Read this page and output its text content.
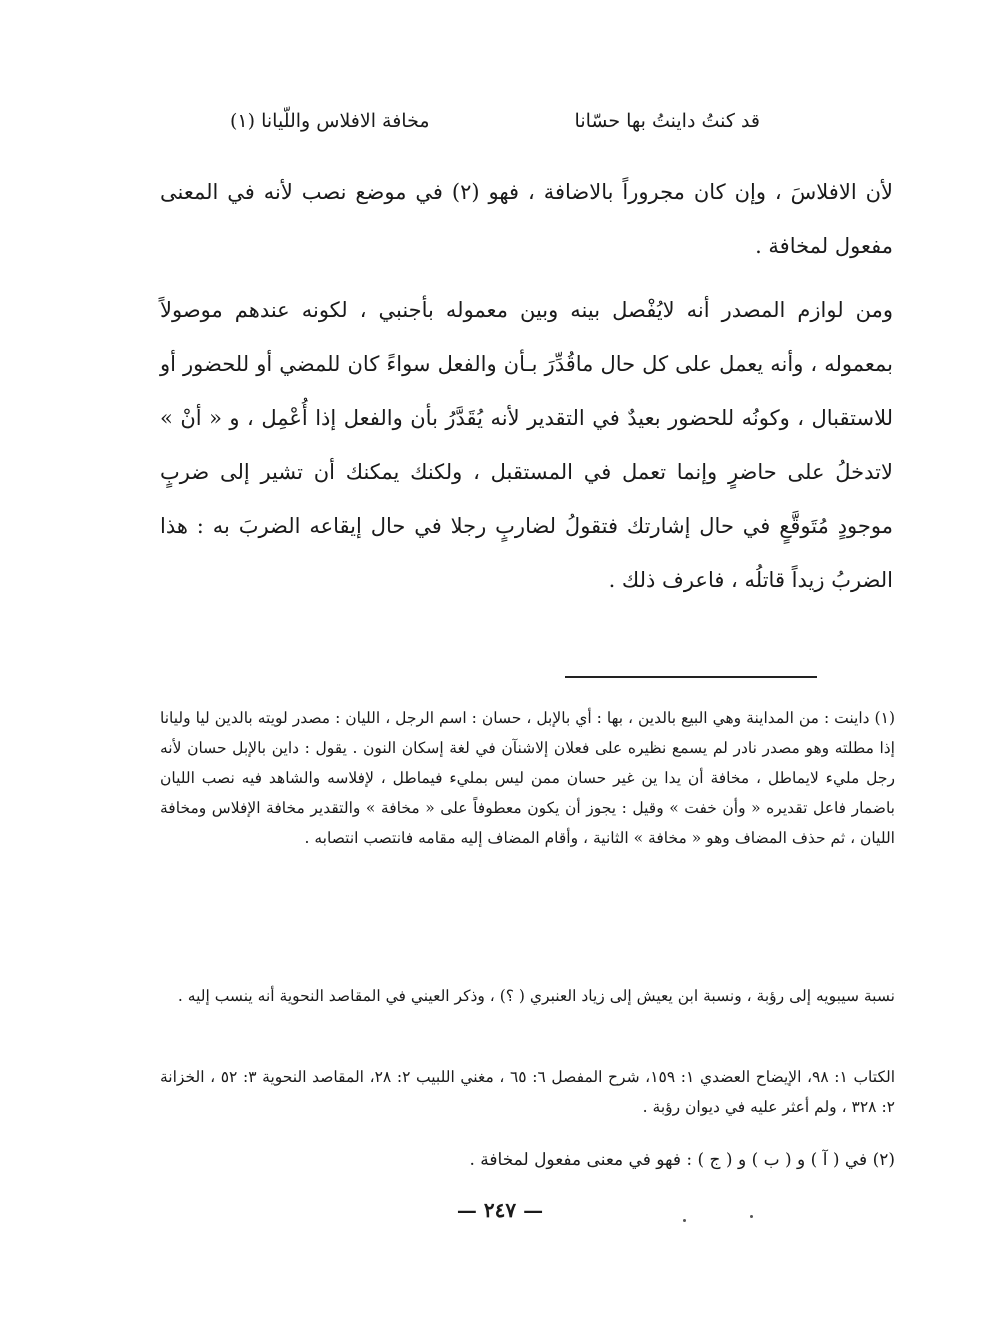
قد كنتُ داينتُ بها حسّانا
مخافة الافلاس واللّيانا (١)

لأن الافلاسَ ، وإن كان مجروراً بالاضافة ، فهو (٢) في موضع نصب لأنه في المعنى مفعول لمخافة .

ومن لوازم المصدر أنه لايُفْصل بينه وبين معموله بأجنبي ، لكونه عندهم موصولاً بمعموله ، وأنه يعمل على كل حال ماقُدِّرَ بـأن والفعل سواءً كان للمضي أو للحضور أو للاستقبال ، وكونُه للحضور بعيدٌ في التقدير لأنه يُقَدَّرُ بأن والفعل إذا أُعْمِل ، و « أنْ » لاتدخلُ على حاضرٍ وإنما تعمل في المستقبل ، ولكنك يمكنك أن تشير إلى ضربٍ موجودٍ مُتَوقَّعٍ في حال إشارتك فتقولُ لضاربٍ رجلا في حال إيقاعه الضربَ به : هذا الضربُ زيداً قاتلُه ، فاعرف ذلك .

(١) داينت : من المداينة وهي البيع بالدين ، بها : أي بالإبل ، حسان : اسم الرجل ، الليان : مصدر لويته بالدين ليا وليانا إذا مطلته وهو مصدر نادر لم يسمع نظيره على فعلان إلاشنآن في لغة إسكان النون . يقول : داين بالإبل حسان لأنه رجل مليء لايماطل ، مخافة أن يدا ين غير حسان ممن ليس بمليء فيماطل ، لإفلاسه والشاهد فيه نصب الليان باضمار فاعل تقديره « وأن خفت » وقيل : يجوز أن يكون معطوفاً على « مخافة » والتقدير مخافة الإفلاس ومخافة الليان ، ثم حذف المضاف وهو « مخافة » الثانية ، وأقام المضاف إليه مقامه فانتصب انتصابه .

نسبة سيبويه إلى رؤبة ، ونسبة ابن يعيش إلى زياد العنبري ( ؟) ، وذكر العيني في المقاصد النحوية أنه ينسب إليه .

الكتاب ١: ٩٨، الإيضاح العضدي ١: ١٥٩، شرح المفصل ٦: ٦٥ ، مغني اللبيب ٢: ٢٨، المقاصد النحوية ٣: ٥٢ ، الخزانة ٢: ٣٢٨ ، ولم أعثر عليه في ديوان رؤبة .

(٢) في ( آ ) و ( ب ) و ( ج ) : فهو في معنى مفعول لمخافة .

— ٢٤٧ —
